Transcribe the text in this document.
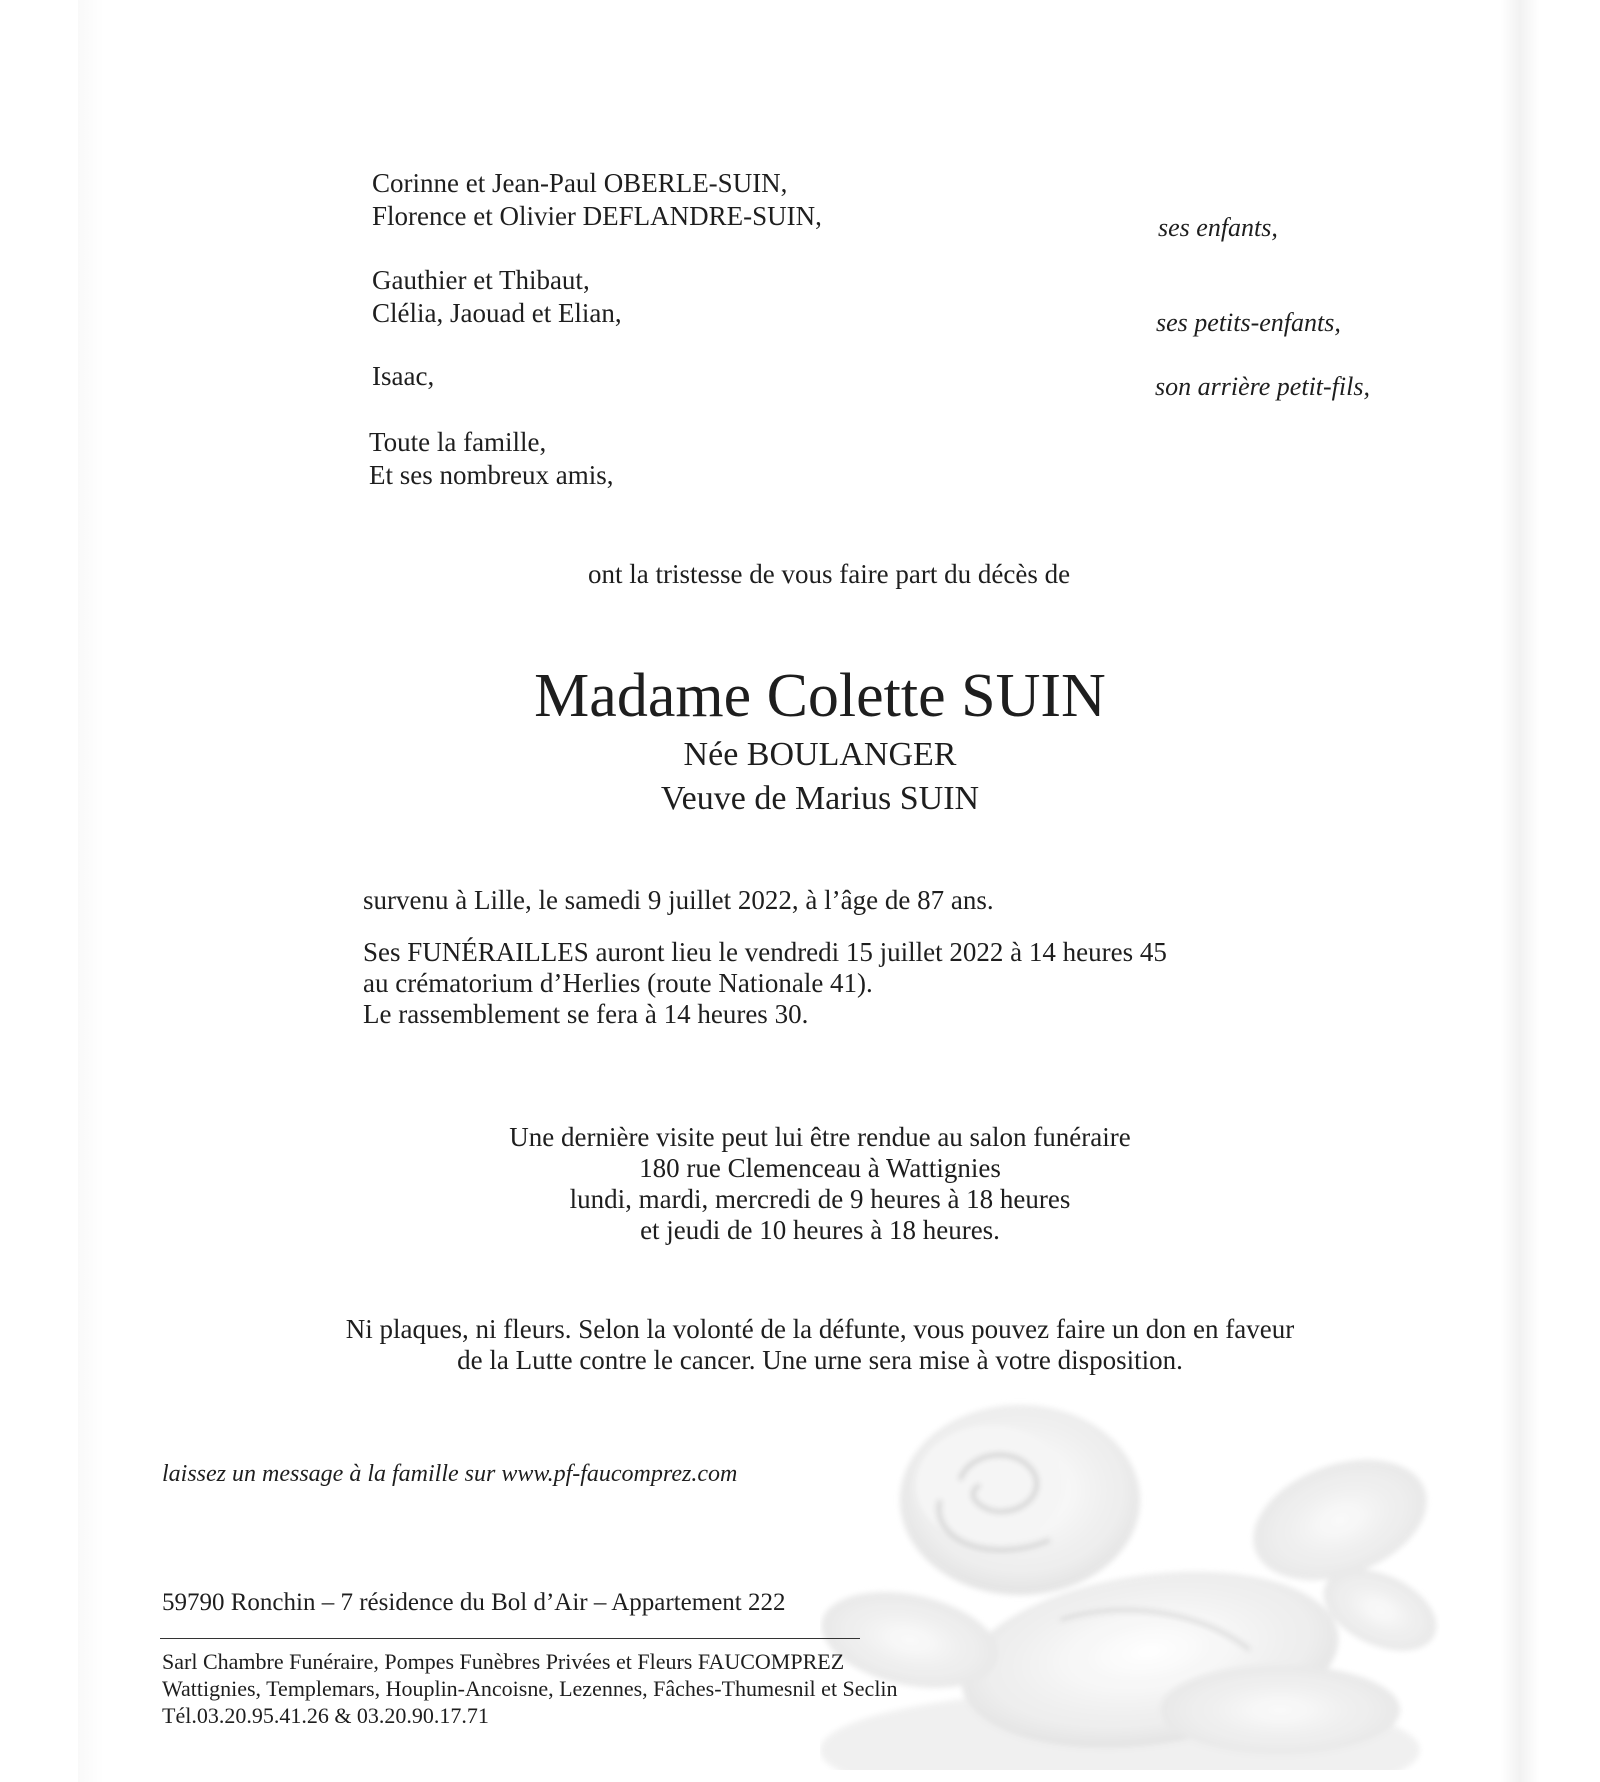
Corinne et Jean-Paul OBERLE-SUIN,
Florence et Olivier DEFLANDRE-SUIN,	ses enfants,
Gauthier et Thibaut,
Clélia, Jaouad et Elian,	ses petits-enfants,
Isaac,	son arrière petit-fils,
Toute la famille,
Et ses nombreux amis,
ont la tristesse de vous faire part du décès de
Madame Colette SUIN
Née BOULANGER
Veuve de Marius SUIN
survenu à Lille, le samedi 9 juillet 2022, à l’âge de 87 ans.
Ses FUNÉRAILLES auront lieu le vendredi 15 juillet 2022 à 14 heures 45
au crématorium d’Herlies (route Nationale 41).
Le rassemblement se fera à 14 heures 30.
Une dernière visite peut lui être rendue au salon funéraire
180 rue Clemenceau à Wattignies
lundi, mardi, mercredi de 9 heures à 18 heures
et jeudi de 10 heures à 18 heures.
Ni plaques, ni fleurs. Selon la volonté de la défunte, vous pouvez faire un don en faveur
de la Lutte contre le cancer. Une urne sera mise à votre disposition.
laissez un message à la famille sur www.pf-faucomprez.com
59790 Ronchin – 7 résidence du Bol d’Air – Appartement 222
Sarl Chambre Funéraire, Pompes Funèbres Privées et Fleurs FAUCOMPREZ
Wattignies, Templemars, Houplin-Ancoisne, Lezennes, Fâches-Thumesnil et Seclin
Tél.03.20.95.41.26 & 03.20.90.17.71
